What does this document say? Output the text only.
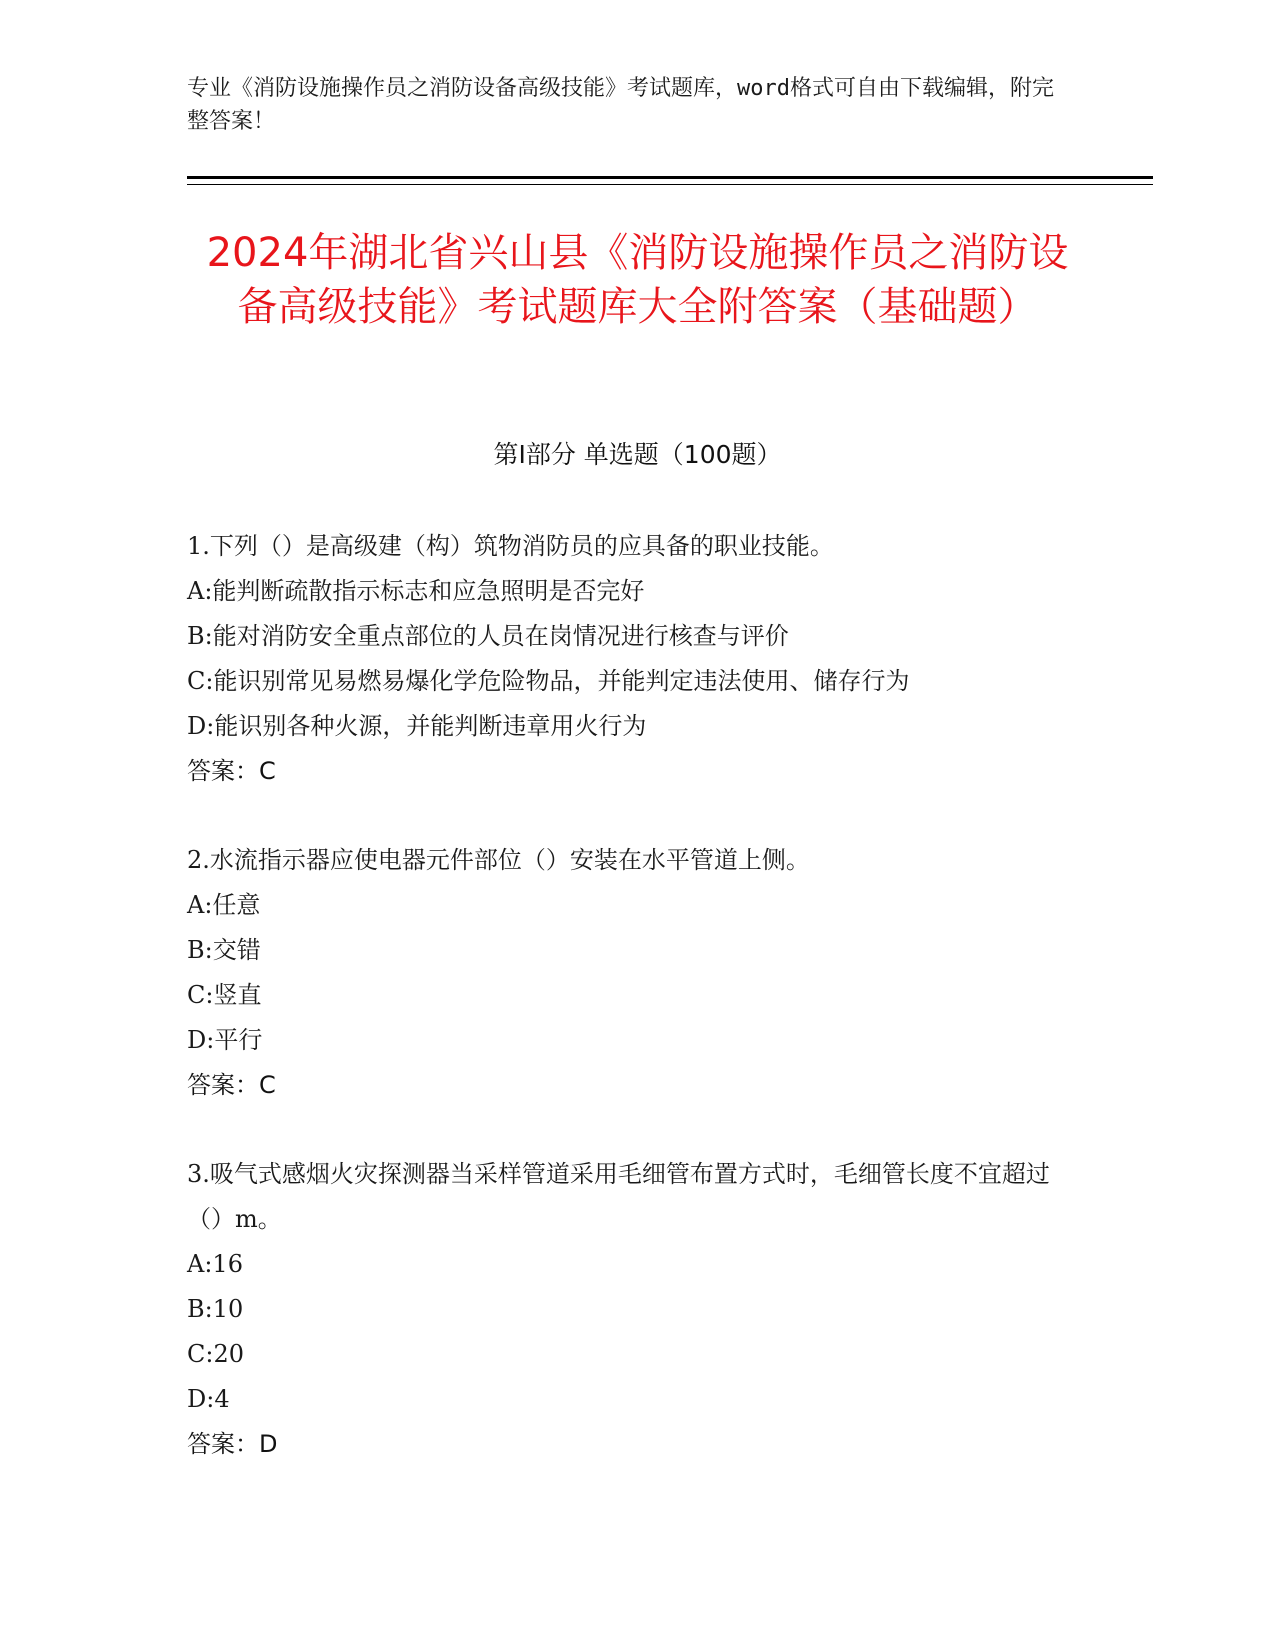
专业《消防设施操作员之消防设备高级技能》考试题库，word格式可自由下载编辑，附完整答案！
2024年湖北省兴山县《消防设施操作员之消防设备高级技能》考试题库大全附答案（基础题）
第I部分 单选题（100题）
1.下列（）是高级建（构）筑物消防员的应具备的职业技能。
A:能判断疏散指示标志和应急照明是否完好
B:能对消防安全重点部位的人员在岗情况进行核查与评价
C:能识别常见易燃易爆化学危险物品，并能判定违法使用、储存行为
D:能识别各种火源，并能判断违章用火行为
答案：C
2.水流指示器应使电器元件部位（）安装在水平管道上侧。
A:任意
B:交错
C:竖直
D:平行
答案：C
3.吸气式感烟火灾探测器当采样管道采用毛细管布置方式时，毛细管长度不宜超过（）m。
A:16
B:10
C:20
D:4
答案：D
